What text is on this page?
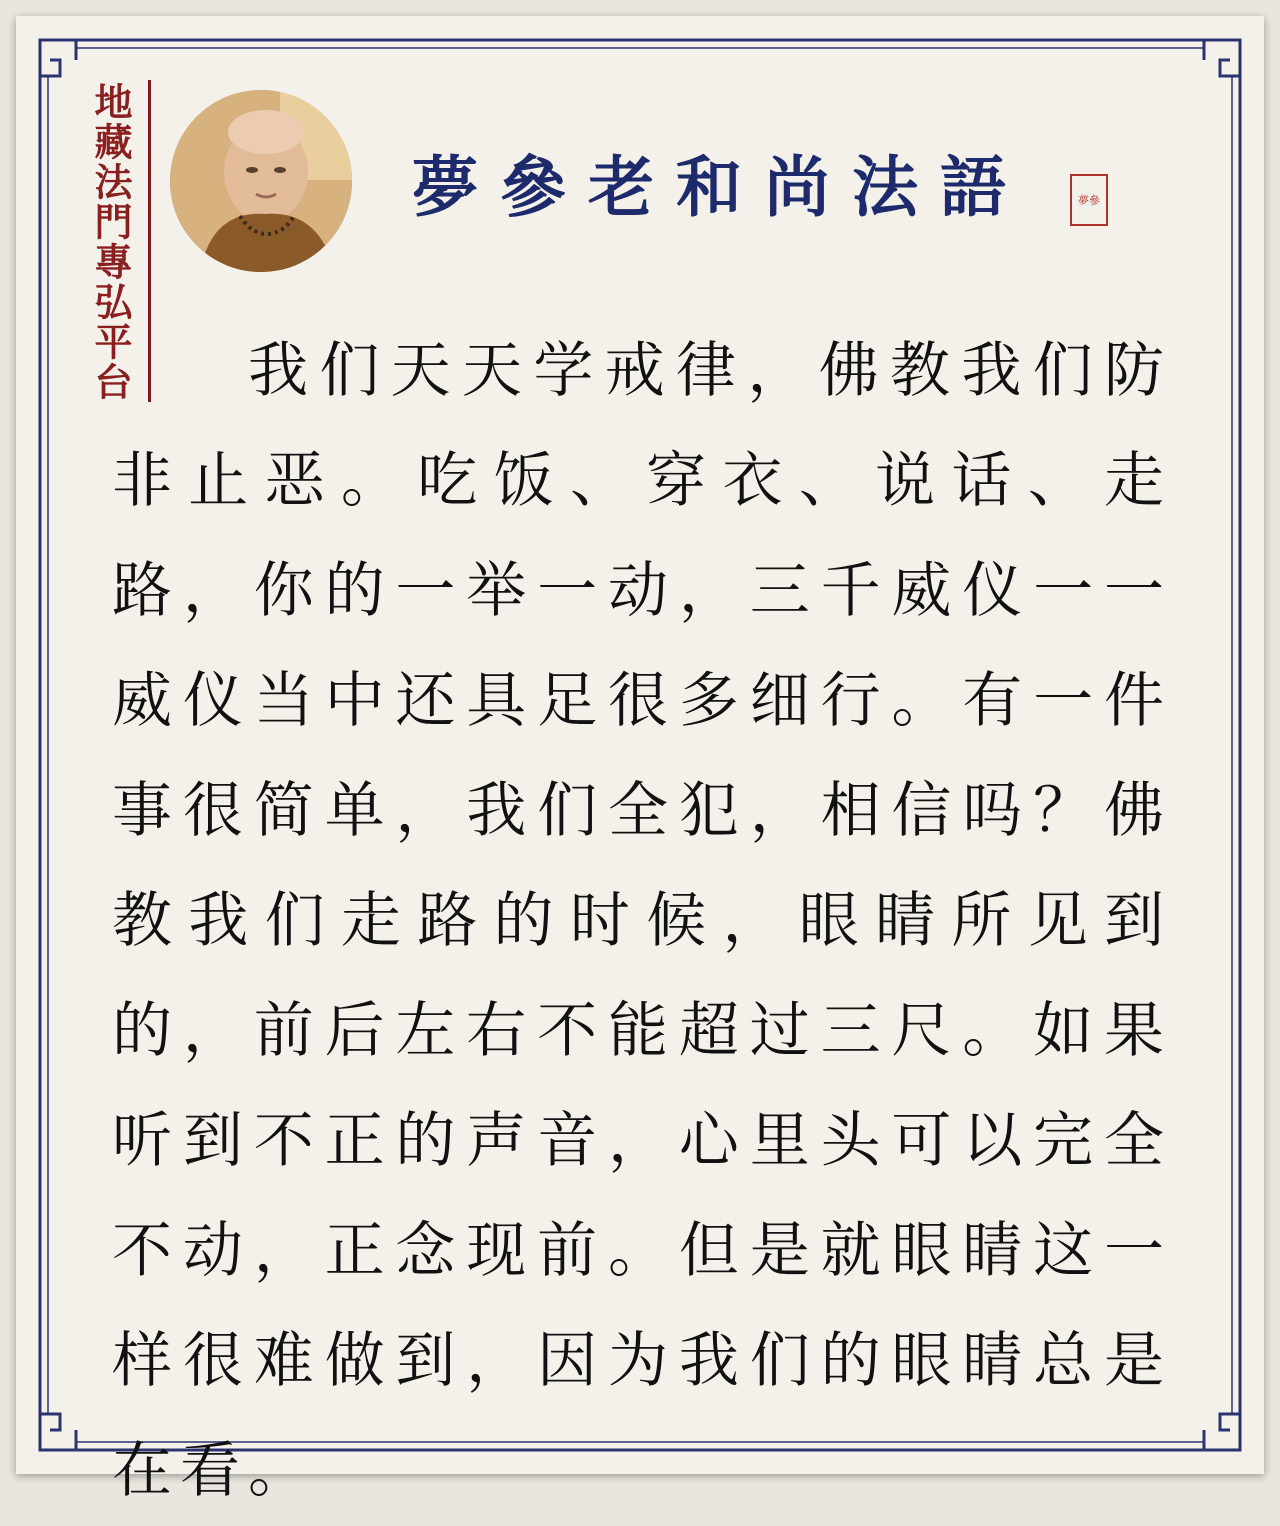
地藏法門專弘平台	夢參老和尚法語	夢參
我们天天学戒律，佛教我们防非止恶。吃饭、穿衣、说话、走路，你的一举一动，三千威仪一一威仪当中还具足很多细行。有一件事很简单，我们全犯，相信吗？佛教我们走路的时候，眼睛所见到的，前后左右不能超过三尺。如果听到不正的声音，心里头可以完全不动，正念现前。但是就眼睛这一样很难做到，因为我们的眼睛总是在看。
